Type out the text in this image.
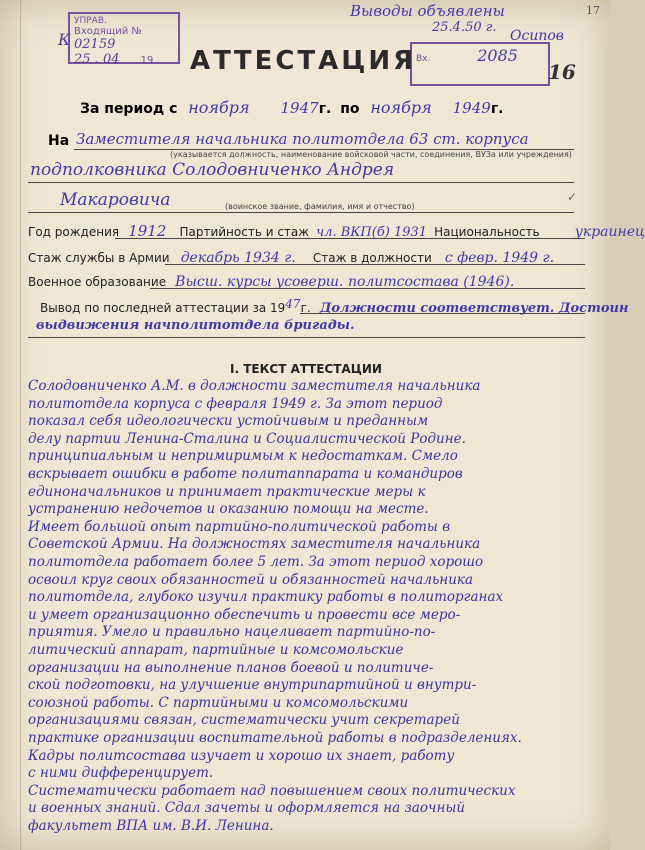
17
К
УПРАВ.
Входящий № 02159
25 . 04 19
Выводы объявлены
25.4.50 г.
Осипов
Вх.	2085
16
АТТЕСТАЦИЯ
За период с ноября 1947г. по ноября 1949г.
На Заместителя начальника политотдела 63 ст. корпуса
(указывается должность, наименование войсковой части, соединения, ВУЗа или учреждения)
подполковника Солодовниченко Андрея
Макаровича	(воинское звание, фамилия, имя и отчество)
Год рождения 1912 Партийность и стаж чл. ВКП(б) 1931 Национальность	украинец
Стаж службы в Армии декабрь 1934 г. Стаж в должности с февр. 1949 г.
Военное образование Высш. курсы усоверш. политсостава (1946).
Вывод по последней аттестации за $19^{47}г$. Должности соответствует. Достоин
выдвижения начполитотдела бригады.
✓
I. ТЕКСТ АТТЕСТАЦИИ
Солодовниченко А.М. в должности заместителя начальника
политотдела корпуса с февраля 1949 г. За этот период
показал себя идеологически устойчивым и преданным
делу партии Ленина-Сталина и Социалистической Родине.
принципиальным и непримиримым к недостаткам. Смело
вскрывает ошибки в работе политаппарата и командиров
единоначальников и принимает практические меры к
устранению недочетов и оказанию помощи на месте.
Имеет большой опыт партийно-политической работы в
Советской Армии. На должностях заместителя начальника
политотдела работает более 5 лет. За этот период хорошо
освоил круг своих обязанностей и обязанностей начальника
политотдела, глубоко изучил практику работы в политорганах
и умеет организационно обеспечить и провести все меро-
приятия. Умело и правильно нацеливает партийно-по-
литический аппарат, партийные и комсомольские
организации на выполнение планов боевой и политиче-
ской подготовки, на улучшение внутрипартийной и внутри-
союзной работы. С партийными и комсомольскими
организациями связан, систематически учит секретарей
практике организации воспитательной работы в подразделениях.
Кадры политсостава изучает и хорошо их знает, работу
с ними дифференцирует.
Систематически работает над повышением своих политических
и военных знаний. Сдал зачеты и оформляется на заочный
факультет ВПА им. В.И. Ленина.
